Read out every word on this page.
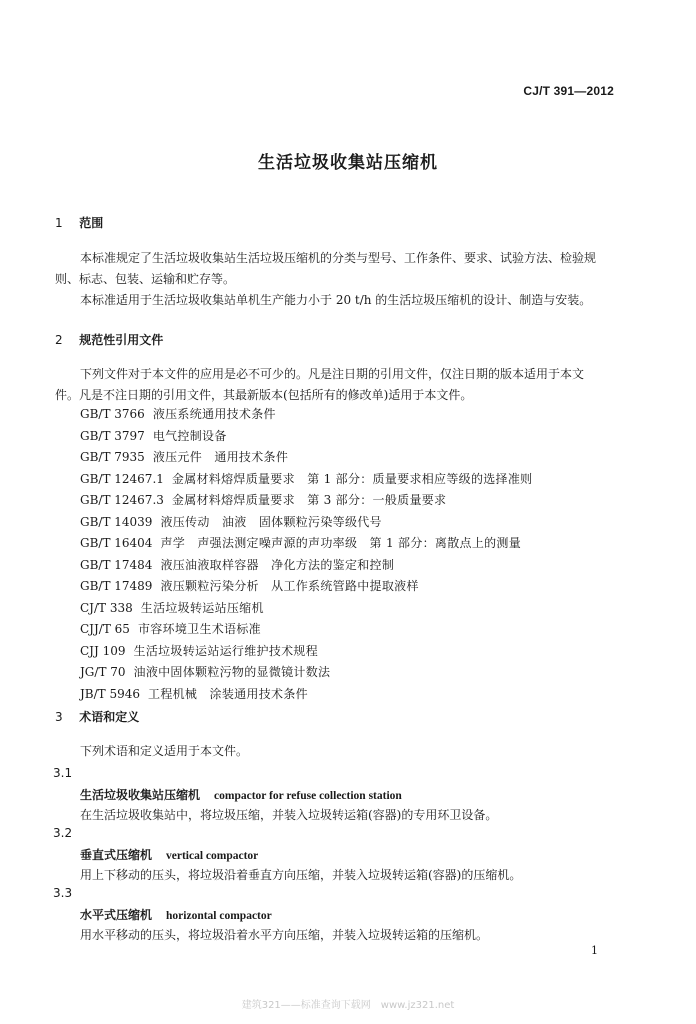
CJ/T 391—2012
生活垃圾收集站压缩机
1 范围
本标准规定了生活垃圾收集站生活垃圾压缩机的分类与型号、工作条件、要求、试验方法、检验规
则、标志、包装、运输和贮存等。
本标准适用于生活垃圾收集站单机生产能力小于 20 t/h 的生活垃圾压缩机的设计、制造与安装。
2 规范性引用文件
下列文件对于本文件的应用是必不可少的。凡是注日期的引用文件，仅注日期的版本适用于本文
件。凡是不注日期的引用文件，其最新版本(包括所有的修改单)适用于本文件。
GB/T 3766 液压系统通用技术条件
GB/T 3797 电气控制设备
GB/T 7935 液压元件　通用技术条件
GB/T 12467.1 金属材料熔焊质量要求　第 1 部分：质量要求相应等级的选择准则
GB/T 12467.3 金属材料熔焊质量要求　第 3 部分：一般质量要求
GB/T 14039 液压传动　油液　固体颗粒污染等级代号
GB/T 16404 声学　声强法测定噪声源的声功率级　第 1 部分：离散点上的测量
GB/T 17484 液压油液取样容器　净化方法的鉴定和控制
GB/T 17489 液压颗粒污染分析　从工作系统管路中提取液样
CJ/T 338 生活垃圾转运站压缩机
CJJ/T 65 市容环境卫生术语标准
CJJ 109 生活垃圾转运站运行维护技术规程
JG/T 70 油液中固体颗粒污物的显微镜计数法
JB/T 5946 工程机械　涂装通用技术条件
3 术语和定义
下列术语和定义适用于本文件。
3.1
生活垃圾收集站压缩机 compactor for refuse collection station
在生活垃圾收集站中，将垃圾压缩，并装入垃圾转运箱(容器)的专用环卫设备。
3.2
垂直式压缩机 vertical compactor
用上下移动的压头，将垃圾沿着垂直方向压缩，并装入垃圾转运箱(容器)的压缩机。
3.3
水平式压缩机 horizontal compactor
用水平移动的压头，将垃圾沿着水平方向压缩，并装入垃圾转运箱的压缩机。
1
建筑321——标准查询下载网　www.jz321.net
